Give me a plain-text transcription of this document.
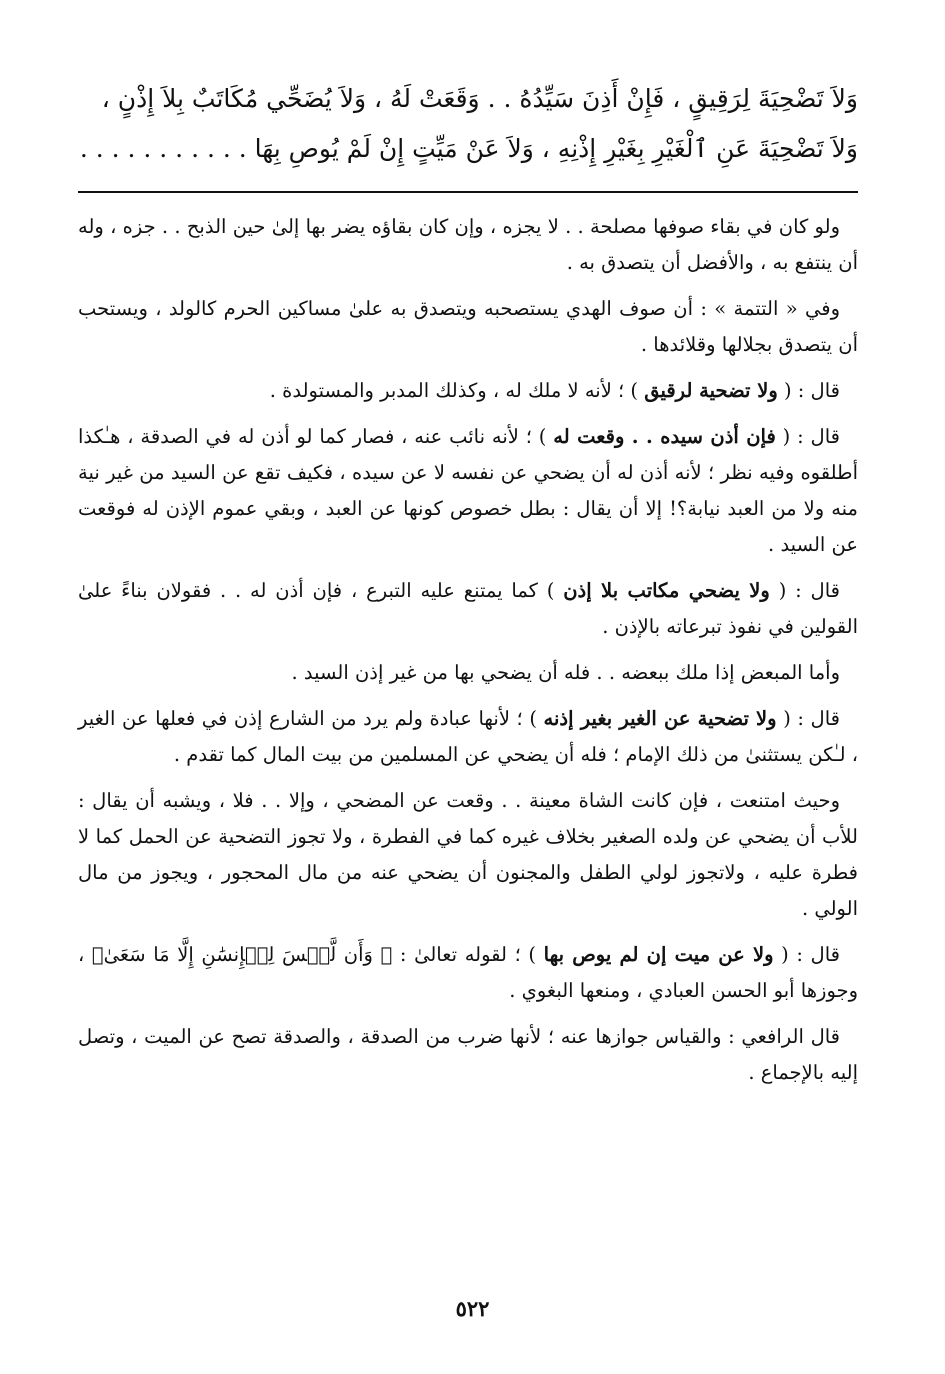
وَلاَ تَضْحِيَةَ لِرَقِيقٍ ، فَإِنْ أَذِنَ سَيِّدُهُ . . وَقَعَتْ لَهُ ، وَلاَ يُضَحِّي مُكَاتَبٌ بِلاَ إِذْنٍ ،
وَلاَ تَضْحِيَةَ عَنِ ٱلْغَيْرِ بِغَيْرِ إِذْنِهِ ، وَلاَ عَنْ مَيِّتٍ إِنْ لَمْ يُوصِ بِهَا . . . . . . . . . . .

ولو كان في بقاء صوفها مصلحة . . لا يجزه ، وإن كان بقاؤه يضر بها إلىٰ حين الذبح . . جزه ، وله أن ينتفع به ، والأفضل أن يتصدق به .

وفي « التتمة » : أن صوف الهدي يستصحبه ويتصدق به علىٰ مساكين الحرم كالولد ، ويستحب أن يتصدق بجلالها وقلائدها .

قال : ( ولا تضحية لرقيق ) ؛ لأنه لا ملك له ، وكذلك المدبر والمستولدة .

قال : ( فإن أذن سيده . . وقعت له ) ؛ لأنه نائب عنه ، فصار كما لو أذن له في الصدقة ، هـٰكذا أطلقوه وفيه نظر ؛ لأنه أذن له أن يضحي عن نفسه لا عن سيده ، فكيف تقع عن السيد من غير نية منه ولا من العبد نيابة؟! إلا أن يقال : بطل خصوص كونها عن العبد ، وبقي عموم الإذن له فوقعت عن السيد .

قال : ( ولا يضحي مكاتب بلا إذن ) كما يمتنع عليه التبرع ، فإن أذن له . . فقولان بناءً علىٰ القولين في نفوذ تبرعاته بالإذن .

وأما المبعض إذا ملك ببعضه . . فله أن يضحي بها من غير إذن السيد .

قال : ( ولا تضحية عن الغير بغير إذنه ) ؛ لأنها عبادة ولم يرد من الشارع إذن في فعلها عن الغير ، لـٰكن يستثنىٰ من ذلك الإمام ؛ فله أن يضحي عن المسلمين من بيت المال كما تقدم .

وحيث امتنعت ، فإن كانت الشاة معينة . . وقعت عن المضحي ، وإلا . . فلا ، ويشبه أن يقال : للأب أن يضحي عن ولده الصغير بخلاف غيره كما في الفطرة ، ولا تجوز التضحية عن الحمل كما لا فطرة عليه ، ولاتجوز لولي الطفل والمجنون أن يضحي عنه من مال المحجور ، ويجوز من مال الولي .

قال : ( ولا عن ميت إن لم يوص بها ) ؛ لقوله تعالىٰ : ﴿ وَأَن لَّيۡسَ لِلۡإِنسَٰنِ إِلَّا مَا سَعَىٰ﴾ ، وجوزها أبو الحسن العبادي ، ومنعها البغوي .

قال الرافعي : والقياس جوازها عنه ؛ لأنها ضرب من الصدقة ، والصدقة تصح عن الميت ، وتصل إليه بالإجماع .

٥٢٢
